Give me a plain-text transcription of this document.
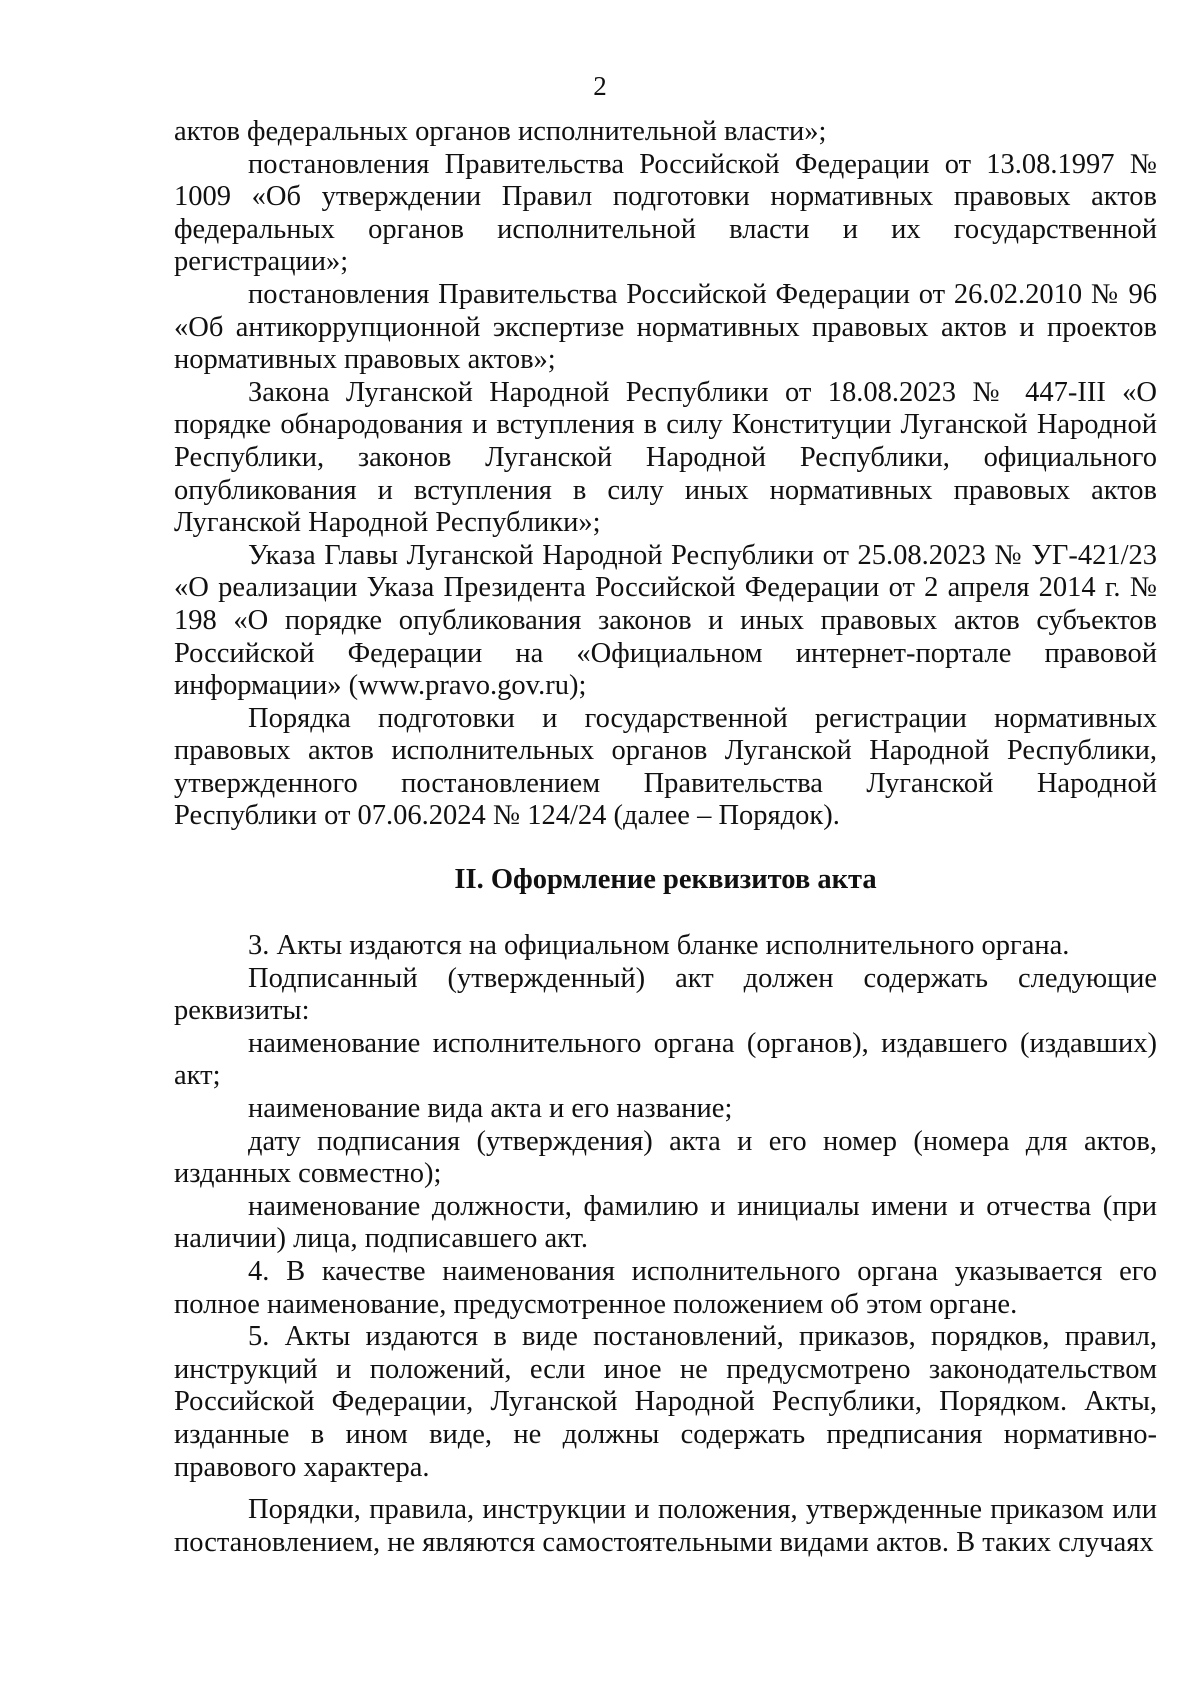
2

актов федеральных органов исполнительной власти»;

постановления Правительства Российской Федерации от 13.08.1997 № 1009 «Об утверждении Правил подготовки нормативных правовых актов федеральных органов исполнительной власти и их государственной регистрации»;

постановления Правительства Российской Федерации от 26.02.2010 № 96 «Об антикоррупционной экспертизе нормативных правовых актов и проектов нормативных правовых актов»;

Закона Луганской Народной Республики от 18.08.2023 № 447-III «О порядке обнародования и вступления в силу Конституции Луганской Народной Республики, законов Луганской Народной Республики, официального опубликования и вступления в силу иных нормативных правовых актов Луганской Народной Республики»;

Указа Главы Луганской Народной Республики от 25.08.2023 № УГ-421/23 «О реализации Указа Президента Российской Федерации от 2 апреля 2014 г. № 198 «О порядке опубликования законов и иных правовых актов субъектов Российской Федерации на «Официальном интернет-портале правовой информации» (www.pravo.gov.ru);

Порядка подготовки и государственной регистрации нормативных правовых актов исполнительных органов Луганской Народной Республики, утвержденного постановлением Правительства Луганской Народной Республики от 07.06.2024 № 124/24 (далее – Порядок).

II. Оформление реквизитов акта

3. Акты издаются на официальном бланке исполнительного органа.

Подписанный (утвержденный) акт должен содержать следующие реквизиты:

наименование исполнительного органа (органов), издавшего (издавших) акт;

наименование вида акта и его название;

дату подписания (утверждения) акта и его номер (номера для актов, изданных совместно);

наименование должности, фамилию и инициалы имени и отчества (при наличии) лица, подписавшего акт.

4. В качестве наименования исполнительного органа указывается его полное наименование, предусмотренное положением об этом органе.

5. Акты издаются в виде постановлений, приказов, порядков, правил, инструкций и положений, если иное не предусмотрено законодательством Российской Федерации, Луганской Народной Республики, Порядком. Акты, изданные в ином виде, не должны содержать предписания нормативно-правового характера.

Порядки, правила, инструкции и положения, утвержденные приказом или постановлением, не являются самостоятельными видами актов. В таких случаях
